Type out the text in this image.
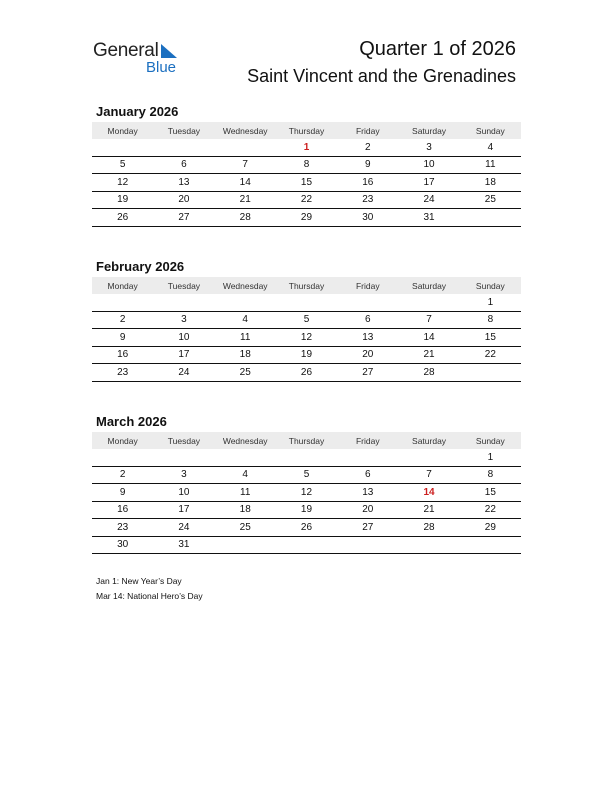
General
Blue
Quarter 1 of 2026
Saint Vincent and the Grenadines
January 2026
Monday	Tuesday	Wednesday	Thursday	Friday	Saturday	Sunday
			1	2	3	4
5	6	7	8	9	10	11
12	13	14	15	16	17	18
19	20	21	22	23	24	25
26	27	28	29	30	31	
February 2026
Monday	Tuesday	Wednesday	Thursday	Friday	Saturday	Sunday
						1
2	3	4	5	6	7	8
9	10	11	12	13	14	15
16	17	18	19	20	21	22
23	24	25	26	27	28	
March 2026
Monday	Tuesday	Wednesday	Thursday	Friday	Saturday	Sunday
						1
2	3	4	5	6	7	8
9	10	11	12	13	14	15
16	17	18	19	20	21	22
23	24	25	26	27	28	29
30	31					
Jan 1: New Year’s Day
Mar 14: National Hero’s Day
